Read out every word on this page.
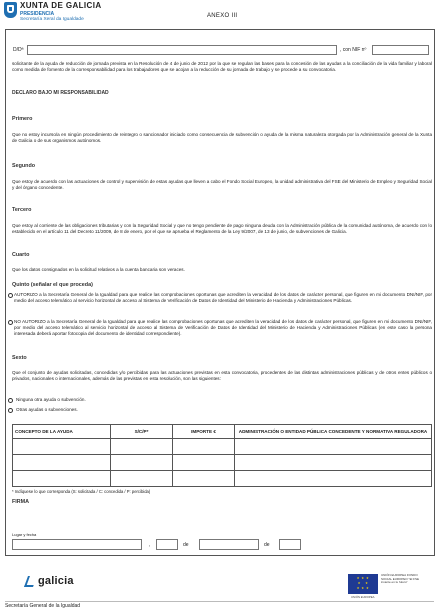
XUNTA DE GALICIA
PRESIDENCIA
Secretaría Xeral da Igualdade
ANEXO III
D/Dª	, con NIF nº
solicitante de la ayuda de reducción de jornada prevista en la Resolución de 4 de junio de 2012 por la que se regulan las bases para la concesión de las ayudas a la conciliación de la vida familiar y laboral como medida de fomento de la corresponsabilidad para los trabajadores que se acojan a la reducción de su jornada de trabajo y se procede a su convocatoria.
DECLARO BAJO MI RESPONSABILIDAD
Primero
Que no estoy incurso/a en ningún procedimiento de reintegro o sancionador iniciado como consecuencia de subvención o ayuda de la misma naturaleza otorgada por la Administración general de la Xunta de Galicia o de sus organismos autónomos.
Segundo
Que estoy de acuerdo con las actuaciones de control y supervisión de estas ayudas que lleven a cabo el Fondo Social Europeo, la unidad administrativa del FSE del Ministerio de Empleo y Seguridad Social y del órgano concedente.
Tercero
Que estoy al corriente de las obligaciones tributarias y con la Seguridad Social y que no tengo pendiente de pago ninguna deuda con la Administración pública de la comunidad autónoma, de acuerdo con lo establecido en el artículo 11 del Decreto 11/2009, de 8 de enero, por el que se aprueba el Reglamento de la Ley 9/2007, de 13 de junio, de subvenciones de Galicia.
Cuarto
Que los datos consignados en la solicitud relativos a la cuenta bancaria son veraces.
Quinto (señalar el que proceda)
AUTORIZO a la Secretaría General de la Igualdad para que realice las comprobaciones oportunas que acrediten la veracidad de los datos de carácter personal, que figuren en mi documento DNI/NIF, por medio del acceso telemático al servicio horizontal de acceso al Sistema de Verificación de Datos de Identidad del Ministerio de Hacienda y Administraciones Públicas.
NO AUTORIZO a la Secretaría General de la Igualdad para que realice las comprobaciones oportunas que acrediten la veracidad de los datos de carácter personal, que figuren en mi documento DNI/NIF, por medio del acceso telemático al servicio horizontal de acceso al Sistema de Verificación de Datos de Identidad del Ministerio de Hacienda y Administraciones Públicas (en este caso la persona interesada deberá aportar fotocopia del documento de identidad correspondiente).
Sexto
Que el conjunto de ayudas solicitadas, concedidas y/o percibidas para las actuaciones previstas en esta convocatoria, procedentes de las distintas administraciones públicas y de otros entes públicos o privados, nacionales o internacionales, además de las previstas en esta resolución, son las siguientes:
Ninguna otra ayuda o subvención.
Otras ayudas o subvenciones.
CONCEPTO DE LA AYUDA	S/C/P*	IMPORTE €	ADMINISTRACIÓN O ENTIDAD PÚBLICA CONCEDENTE Y NORMATIVA REGULADORA

* Indíquese lo que corresponda (S: solicitada / C: concedida / P: percibida)
FIRMA
Lugar y fecha
,	de	de
galicia	★ ★ ★
★   ★
★ ★ ★
UNIÓN EUROPEA FONDO SOCIAL EUROPEO "El FSE invierte en tu futuro"
UNIÓN EUROPEA
Secretaría General de la Igualdad
